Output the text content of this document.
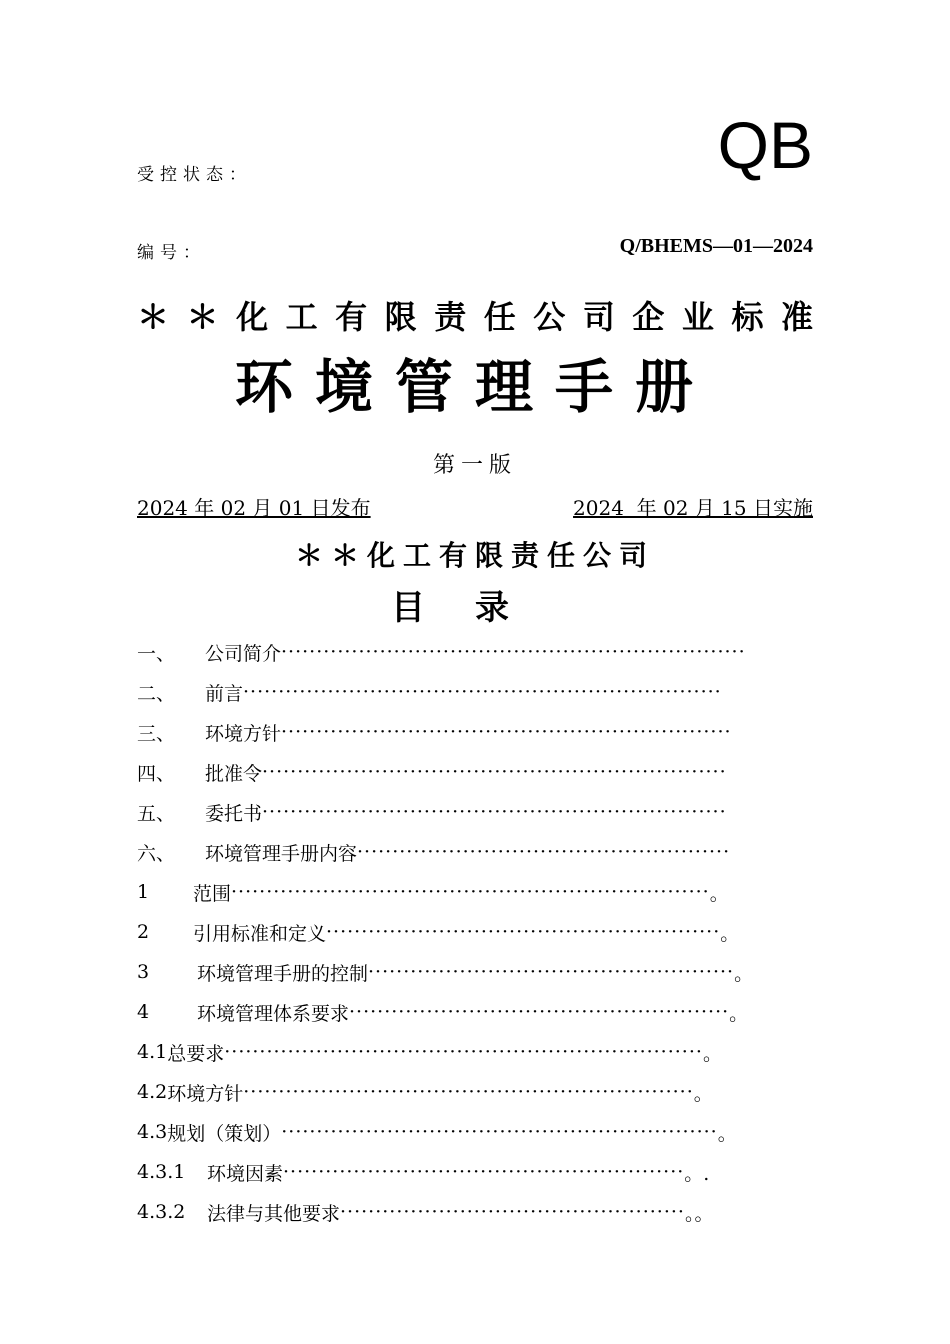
受控状态：	QB
编号：	Q/BHEMS—01—2024
＊＊化工有限责任公司企业标准
环境管理手册
第一版
2024 年 02 月 01 日发布	2024  年 02 月 15 日实施
＊＊化工有限责任公司
目录
一、	公司简介 ··································································
二、	前言 ····································································
三、	环境方针 ································································
四、	批准令 ··································································
五、	委托书 ··································································
六、	环境管理手册内容 ·····················································
1	范围 ···································································· 。
2	引用标准和定义 ························································ 。
3	环境管理手册的控制 ···················································· 。
4	环境管理体系要求 ······················································ 。
4.1 总要求 ···································································· 。
4.2 环境方针 ································································ 。
4.3 规划（策划） ······························································ 。
4.3.1	环境因素 ························································· 。.
4.3.2	法律与其他要求 ················································· 。。
